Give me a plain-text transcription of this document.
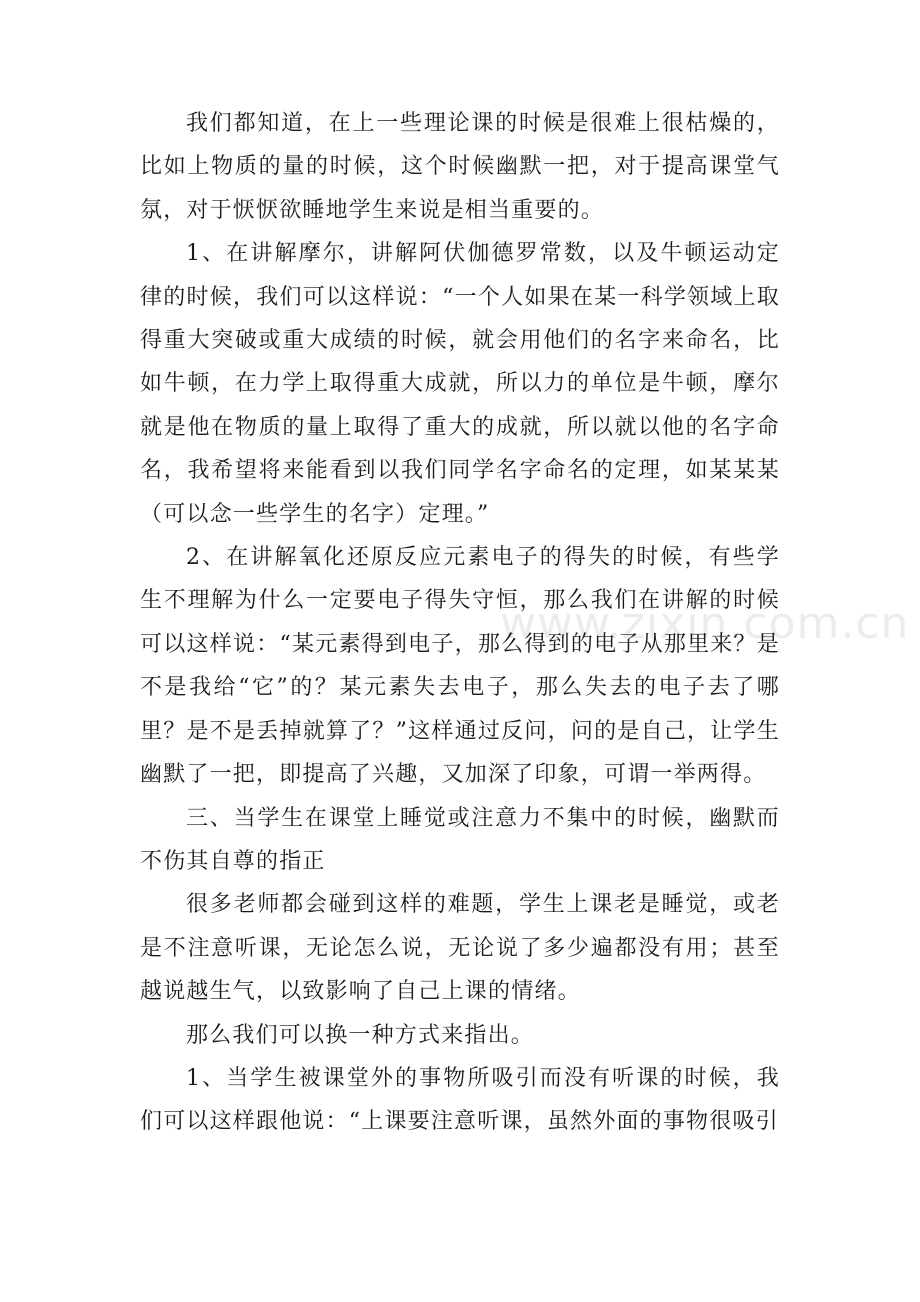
我们都知道，在上一些理论课的时候是很难上很枯燥的，比如上物质的量的时候，这个时候幽默一把，对于提高课堂气氛，对于恹恹欲睡地学生来说是相当重要的。

1、在讲解摩尔，讲解阿伏伽德罗常数，以及牛顿运动定律的时候，我们可以这样说：“一个人如果在某一科学领域上取得重大突破或重大成绩的时候，就会用他们的名字来命名，比如牛顿，在力学上取得重大成就，所以力的单位是牛顿，摩尔就是他在物质的量上取得了重大的成就，所以就以他的名字命名，我希望将来能看到以我们同学名字命名的定理，如某某某（可以念一些学生的名字）定理。”

2、在讲解氧化还原反应元素电子的得失的时候，有些学生不理解为什么一定要电子得失守恒，那么我们在讲解的时候可以这样说：“某元素得到电子，那么得到的电子从那里来？是不是我给“它”的？某元素失去电子，那么失去的电子去了哪里？是不是丢掉就算了？”这样通过反问，问的是自己，让学生幽默了一把，即提高了兴趣，又加深了印象，可谓一举两得。

三、当学生在课堂上睡觉或注意力不集中的时候，幽默而不伤其自尊的指正

很多老师都会碰到这样的难题，学生上课老是睡觉，或老是不注意听课，无论怎么说，无论说了多少遍都没有用；甚至越说越生气，以致影响了自己上课的情绪。

那么我们可以换一种方式来指出。

1、当学生被课堂外的事物所吸引而没有听课的时候，我们可以这样跟他说：“上课要注意听课，虽然外面的事物很吸引

www.zixin.com.cn
